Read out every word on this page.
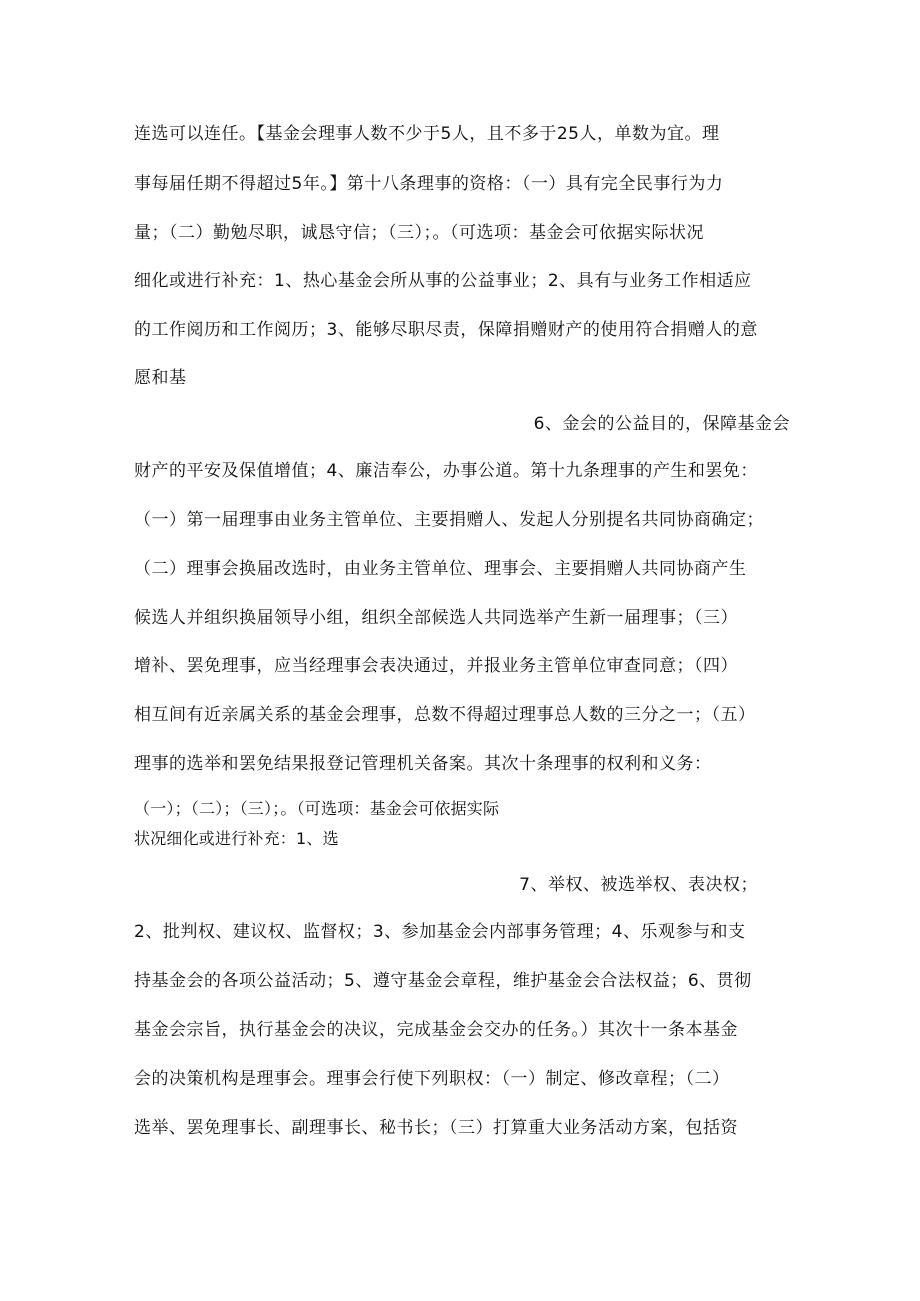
连选可以连任。【基金会理事人数不少于5人，且不多于25人，单数为宜。理
事每届任期不得超过5年。】第十八条理事的资格：（一）具有完全民事行为力
量；（二）勤勉尽职，诚恳守信；（三）；。（可选项：基金会可依据实际状况
细化或进行补充：1、热心基金会所从事的公益事业；2、具有与业务工作相适应
的工作阅历和工作阅历；3、能够尽职尽责，保障捐赠财产的使用符合捐赠人的意
愿和基
6、金会的公益目的，保障基金会
财产的平安及保值增值；4、廉洁奉公，办事公道。第十九条理事的产生和罢免：
（一）第一届理事由业务主管单位、主要捐赠人、发起人分别提名共同协商确定；
（二）理事会换届改选时，由业务主管单位、理事会、主要捐赠人共同协商产生
候选人并组织换届领导小组，组织全部候选人共同选举产生新一届理事；（三）
增补、罢免理事，应当经理事会表决通过，并报业务主管单位审查同意；（四）
相互间有近亲属关系的基金会理事，总数不得超过理事总人数的三分之一；（五）
理事的选举和罢免结果报登记管理机关备案。其次十条理事的权利和义务：
（一）；（二）；（三）；。（可选项：基金会可依据实际
状况细化或进行补充：1、选
7、举权、被选举权、表决权；
2、批判权、建议权、监督权；3、参加基金会内部事务管理；4、乐观参与和支
持基金会的各项公益活动；5、遵守基金会章程，维护基金会合法权益；6、贯彻
基金会宗旨，执行基金会的决议，完成基金会交办的任务。）其次十一条本基金
会的决策机构是理事会。理事会行使下列职权：（一）制定、修改章程；（二）
选举、罢免理事长、副理事长、秘书长；（三）打算重大业务活动方案，包括资
